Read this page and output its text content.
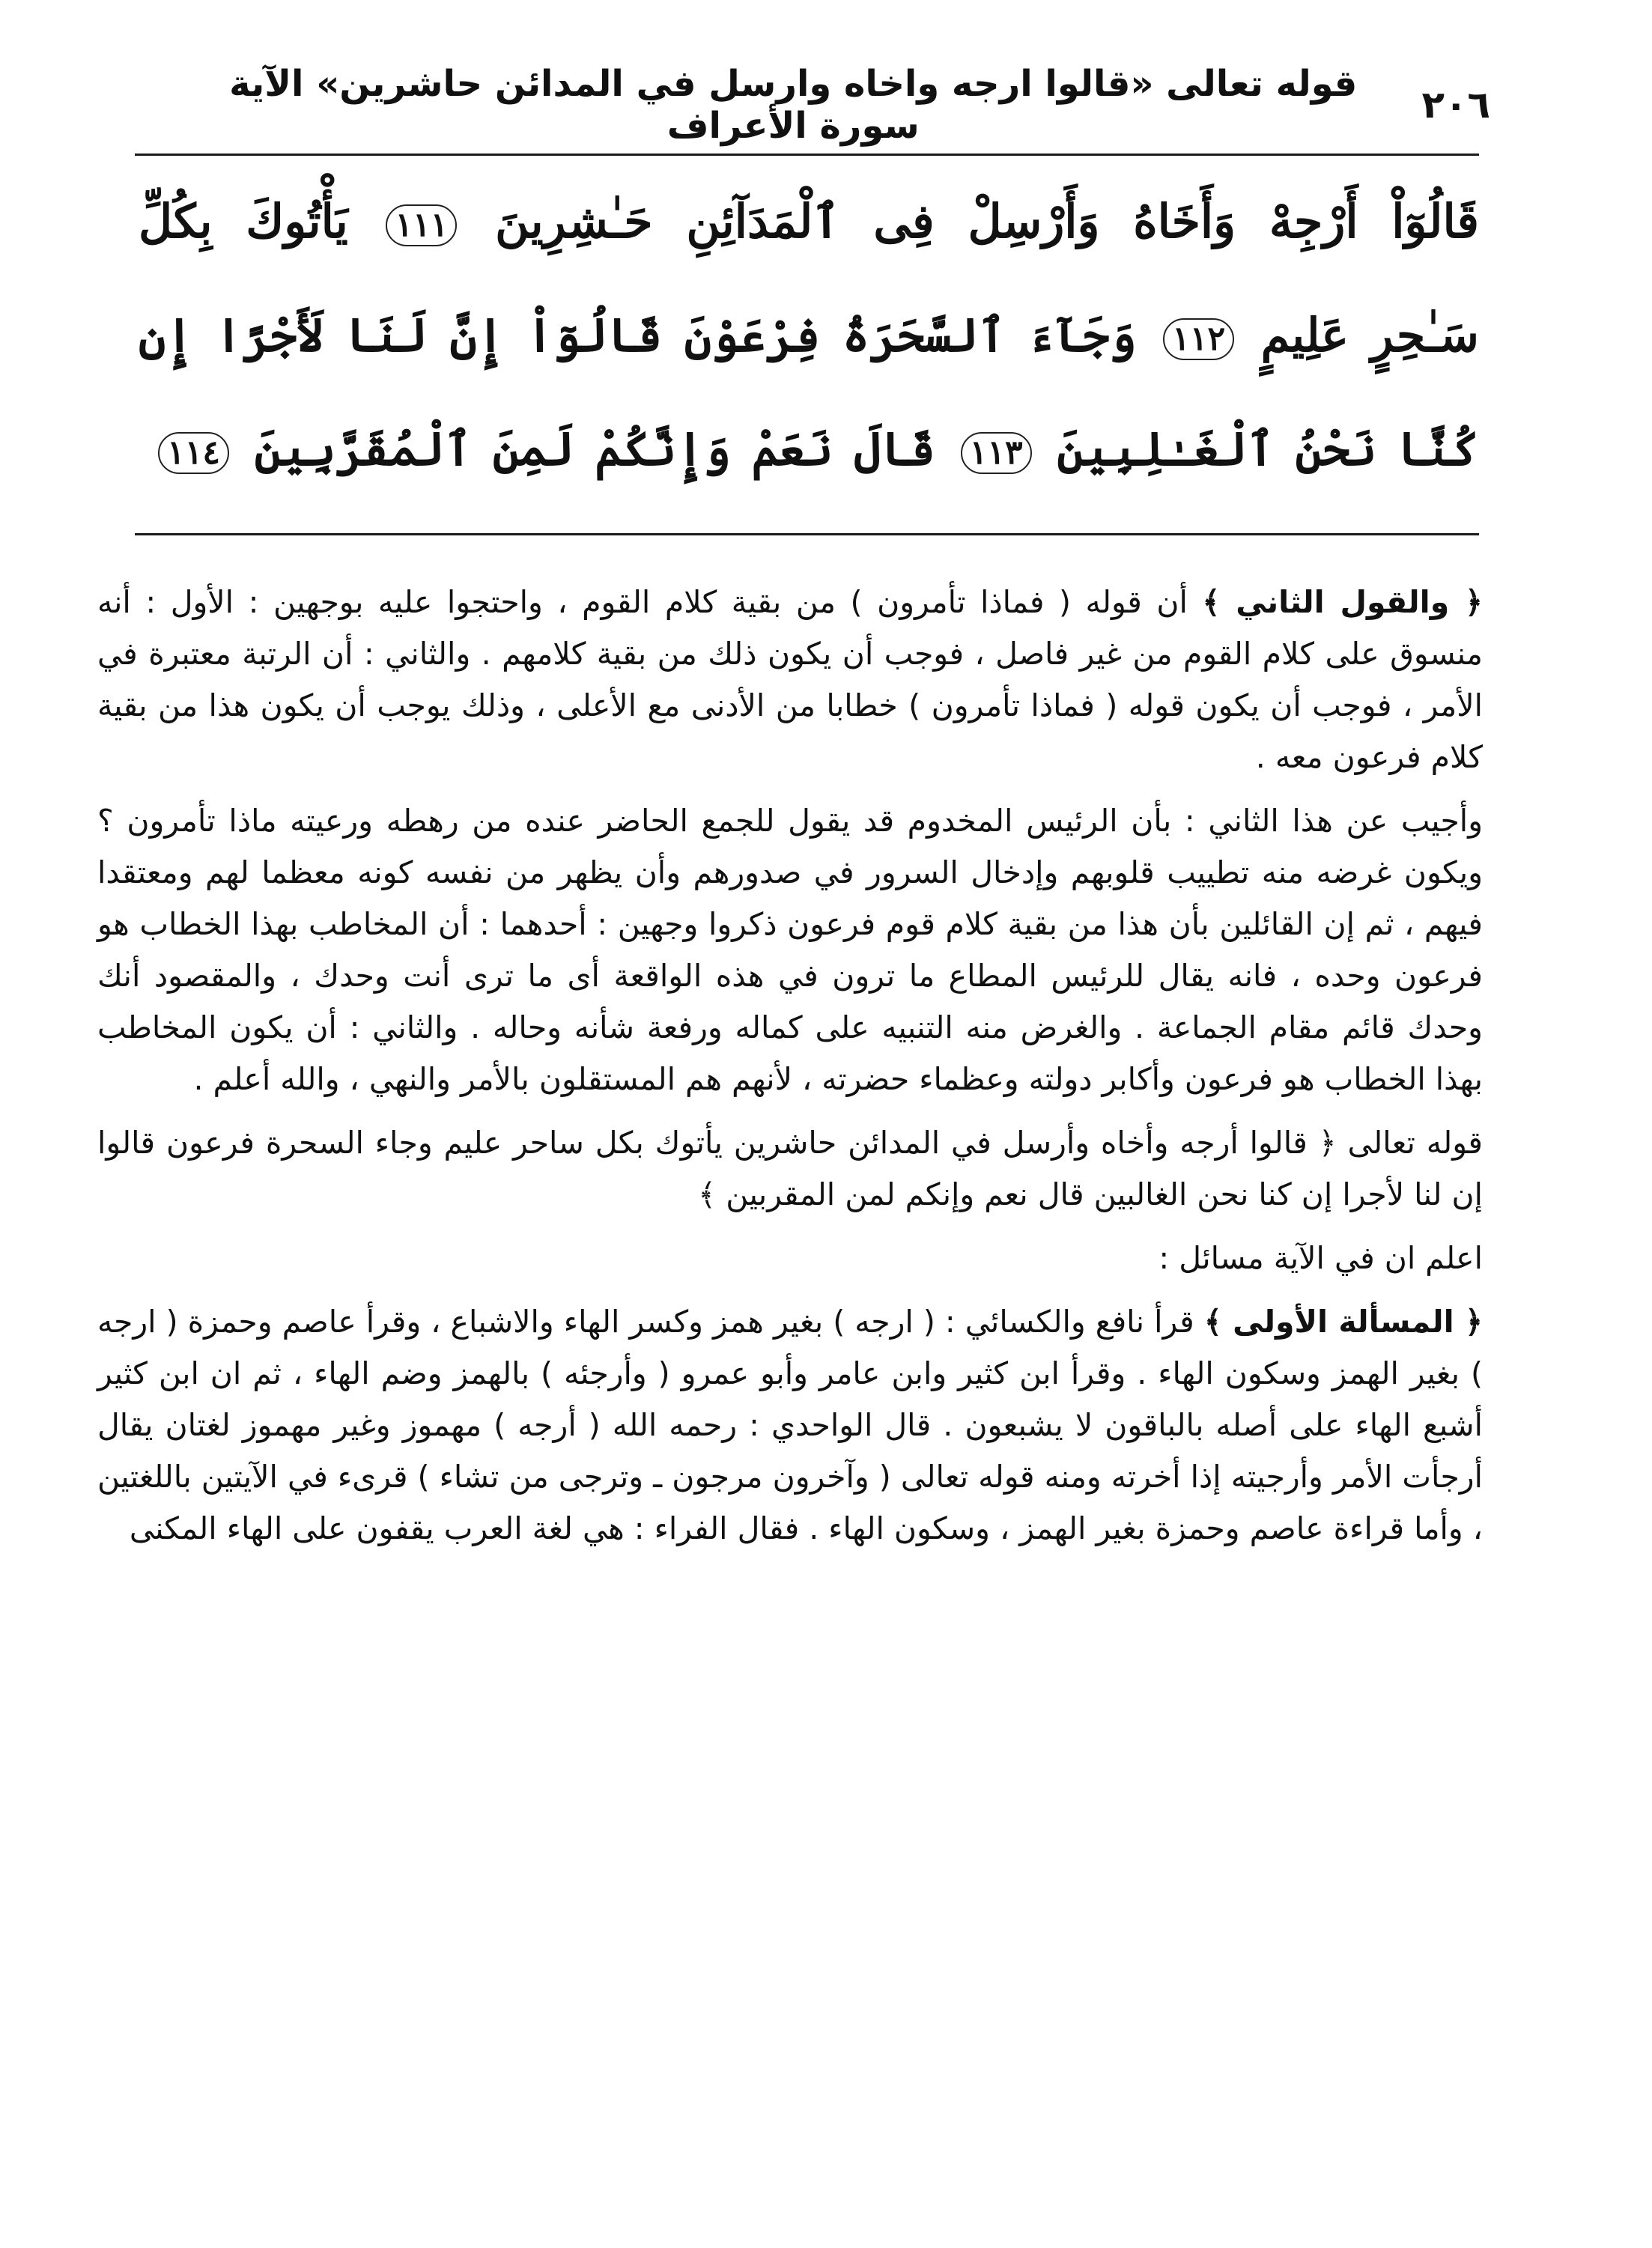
٢٠٦
قوله تعالى «قالوا ارجه واخاه وارسل في المدائن حاشرين» الآية سورة الأعراف
قَالُوٓاْ أَرْجِهْ وَأَخَاهُ وَأَرْسِلْ فِى ٱلْمَدَآئِنِ حَـٰشِرِينَ ١١١ يَأْتُوكَ بِكُلِّ سَـٰحِرٍ عَلِيمٍ ١١٢ وَجَآءَ ٱلسَّحَرَةُ فِرْعَوْنَ قَالُوٓاْ إِنَّ لَنَا لَأَجْرًا إِن كُنَّا نَحْنُ ٱلْغَـٰلِبِينَ ١١٣ قَالَ نَعَمْ وَإِنَّكُمْ لَمِنَ ٱلْمُقَرَّبِينَ ١١٤

﴿ والقول الثاني ﴾ أن قوله ( فماذا تأمرون ) من بقية كلام القوم ، واحتجوا عليه بوجهين : الأول : أنه منسوق على كلام القوم من غير فاصل ، فوجب أن يكون ذلك من بقية كلامهم . والثاني : أن الرتبة معتبرة في الأمر ، فوجب أن يكون قوله ( فماذا تأمرون ) خطابا من الأدنى مع الأعلى ، وذلك يوجب أن يكون هذا من بقية كلام فرعون معه .

وأجيب عن هذا الثاني : بأن الرئيس المخدوم قد يقول للجمع الحاضر عنده من رهطه ورعيته ماذا تأمرون ؟ ويكون غرضه منه تطييب قلوبهم وإدخال السرور في صدورهم وأن يظهر من نفسه كونه معظما لهم ومعتقدا فيهم ، ثم إن القائلين بأن هذا من بقية كلام قوم فرعون ذكروا وجهين : أحدهما : أن المخاطب بهذا الخطاب هو فرعون وحده ، فانه يقال للرئيس المطاع ما ترون في هذه الواقعة أى ما ترى أنت وحدك ، والمقصود أنك وحدك قائم مقام الجماعة . والغرض منه التنبيه على كماله ورفعة شأنه وحاله . والثاني : أن يكون المخاطب بهذا الخطاب هو فرعون وأكابر دولته وعظماء حضرته ، لأنهم هم المستقلون بالأمر والنهي ، والله أعلم .

قوله تعالى ﴿ قالوا أرجه وأخاه وأرسل في المدائن حاشرين يأتوك بكل ساحر عليم وجاء السحرة فرعون قالوا إن لنا لأجرا إن كنا نحن الغالبين قال نعم وإنكم لمن المقربين ﴾

اعلم ان في الآية مسائل :

﴿ المسألة الأولى ﴾ قرأ نافع والكسائي : ( ارجه ) بغير همز وكسر الهاء والاشباع ، وقرأ عاصم وحمزة ( ارجه ) بغير الهمز وسكون الهاء . وقرأ ابن كثير وابن عامر وأبو عمرو ( وأرجئه ) بالهمز وضم الهاء ، ثم ان ابن كثير أشبع الهاء على أصله بالباقون لا يشبعون . قال الواحدي : رحمه الله ( أرجه ) مهموز وغير مهموز لغتان يقال أرجأت الأمر وأرجيته إذا أخرته ومنه قوله تعالى ( وآخرون مرجون ـ وترجى من تشاء ) قرىء في الآيتين باللغتين ، وأما قراءة عاصم وحمزة بغير الهمز ، وسكون الهاء . فقال الفراء : هي لغة العرب يقفون على الهاء المكنى
